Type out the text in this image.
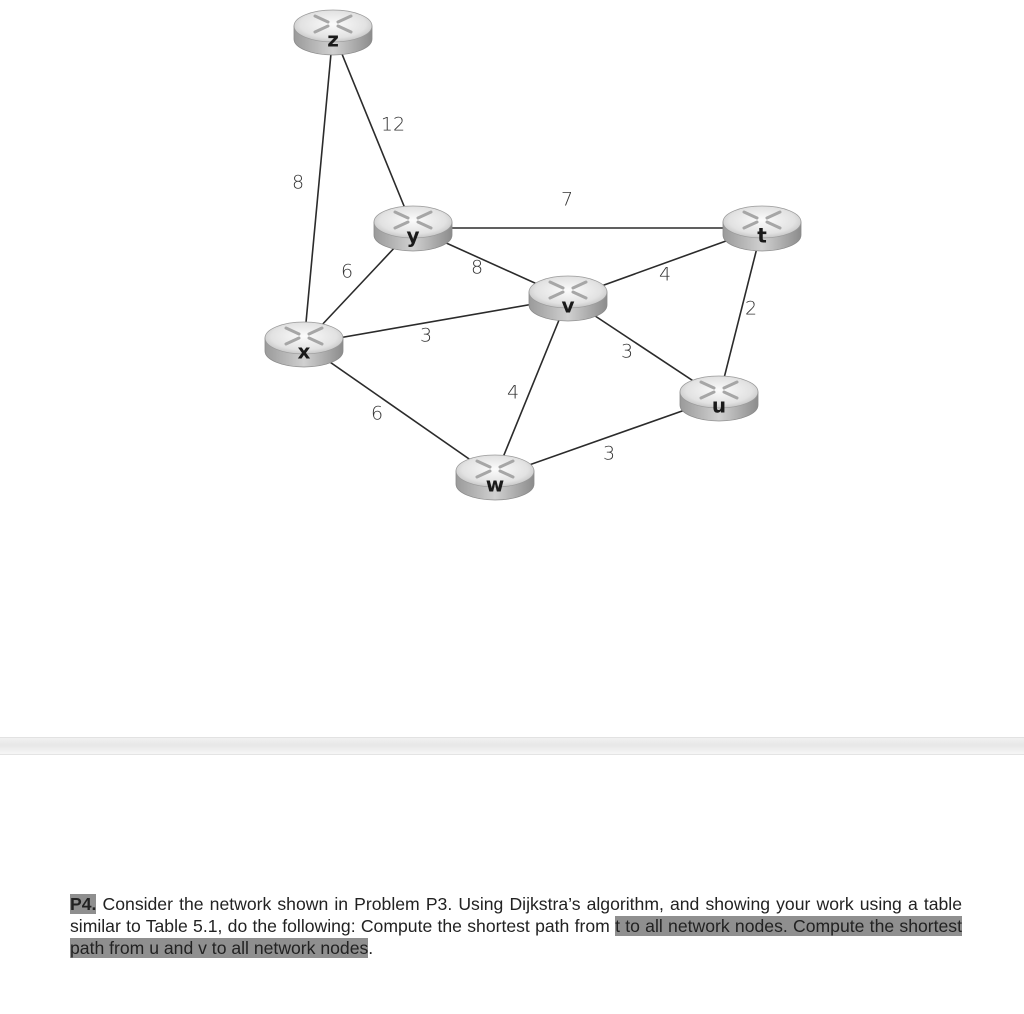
8
12
7
6	8	4
2
3
3
4
6
3
z
y	t
v
x
u
w

P4. Consider the network shown in Problem P3. Using Dijkstra’s algorithm, and showing your work using a table similar to Table 5.1, do the following: Compute the shortest path from t to all network nodes. Compute the shortest path from u and v to all network nodes.
